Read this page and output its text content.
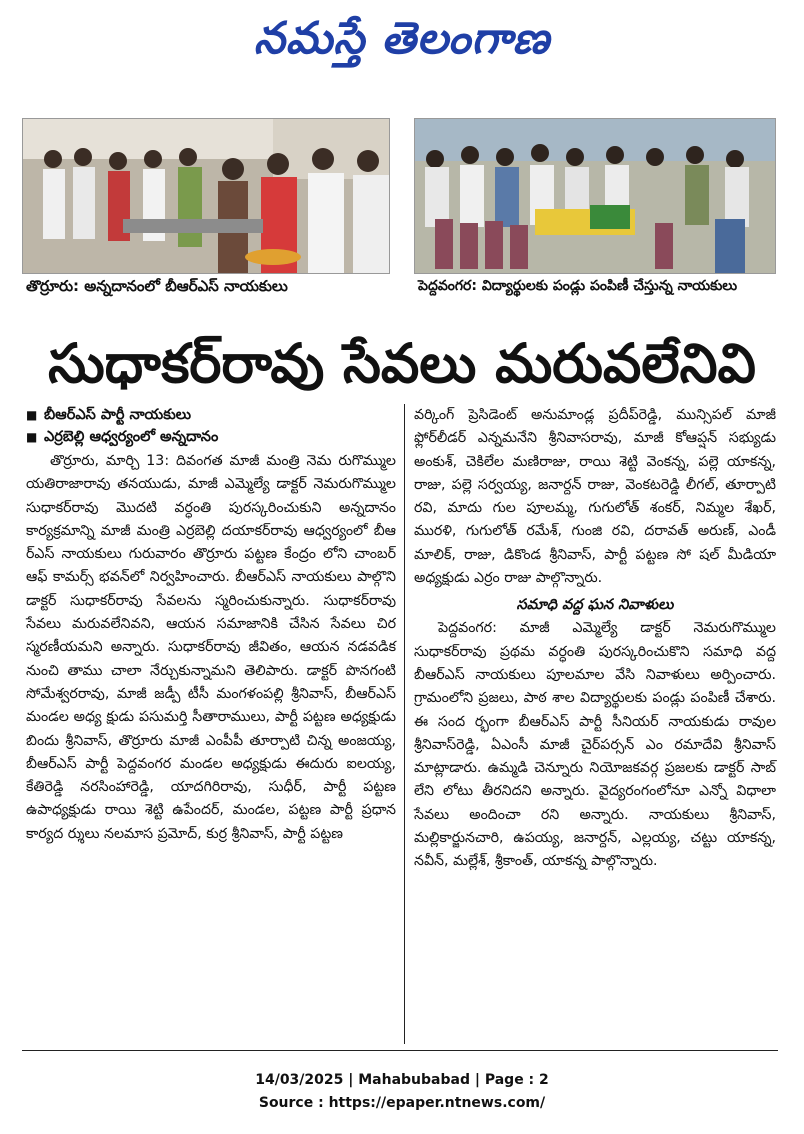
నమస్తే తెలంగాణ
తొర్రూరు: అన్నదానంలో బీఆర్‌ఎస్‌ నాయకులు	పెద్దవంగర: విద్యార్థులకు పండ్లు పంపిణీ చేస్తున్న నాయకులు
సుధాకర్‌రావు సేవలు మరువలేనివి
■ బీఆర్‌ఎస్‌ పార్టీ నాయకులు
■ ఎర్రబెల్లి ఆధ్వర్యంలో అన్నదానం

తొర్రూరు, మార్చి 13: దివంగత మాజీ మంత్రి నెమ రుగొమ్ముల యతిరాజారావు తనయుడు, మాజీ ఎమ్మెల్యే డాక్టర్‌ నెమరుగొమ్ముల సుధాకర్‌రావు మొదటి వర్ధంతి పురస్కరించుకుని అన్నదానం కార్యక్రమాన్ని మాజీ మంత్రి ఎర్రబెల్లి దయాకర్‌రావు ఆధ్వర్యంలో బీఆ ర్‌ఎస్‌ నాయకులు గురువారం తొర్రూరు పట్టణ కేంద్రం లోని చాంబర్‌ ఆఫ్‌ కామర్స్‌ భవన్‌లో నిర్వహించారు. బీఆర్‌ఎస్‌ నాయకులు పాల్గొని డాక్టర్‌ సుధాకర్‌రావు సేవలను స్మరించుకున్నారు. సుధాకర్‌రావు సేవలు మరువలేనివని, ఆయన సమాజానికి చేసిన సేవలు చిర స్మరణీయమని అన్నారు. సుధాకర్‌రావు జీవితం, ఆయన నడవడిక నుంచి తాము చాలా నేర్చుకున్నామని తెలిపారు. డాక్టర్‌ పొనగంటి సోమేశ్వరరావు, మాజీ జడ్పీ టీసీ మంగళంపల్లి శ్రీనివాస్‌, బీఆర్‌ఎస్‌ మండల అధ్య క్షుడు పసుమర్తి సీతారాములు, పార్టీ పట్టణ అధ్యక్షుడు బిందు శ్రీనివాస్‌, తొర్రూరు మాజీ ఎంపీపీ తూర్పాటి చిన్న అంజయ్య, బీఆర్‌ఎస్‌ పార్టీ పెద్దవంగర మండల అధ్యక్షుడు ఈదురు ఐలయ్య, కేతిరెడ్డి నరసింహారెడ్డి, యాదగిరిరావు, సుధీర్‌, పార్టీ పట్టణ ఉపాధ్యక్షుడు రాయి శెట్టి ఉపేందర్‌, మండల, పట్టణ పార్టీ ప్రధాన కార్యద ర్శులు నలమాస ప్రమోద్‌, కుర్ర శ్రీనివాస్‌, పార్టీ పట్టణ

వర్కింగ్‌ ప్రెసిడెంట్‌ అనుమాండ్ల ప్రదీప్‌రెడ్డి, మున్సిపల్‌ మాజీ ఫ్లోర్‌లీడర్‌ ఎన్నమనేని శ్రీనివాసరావు, మాజీ కోఆప్షన్‌ సభ్యుడు అంకుశ్‌, చెకిలేల మణిరాజు, రాయి శెట్టి వెంకన్న, పల్లె యాకన్న, రాజు, పల్లె సర్వయ్య, జనార్దన్‌ రాజు, వెంకటరెడ్డి లీగల్‌, తూర్పాటి రవి, మాదు గుల పూలమ్మ, గుగులోత్‌ శంకర్‌, నిమ్మల శేఖర్‌, మురళి, గుగులోత్‌ రమేశ్‌, గుంజి రవి, దరావత్‌ అరుణ్‌, ఎండీ మాలిక్‌, రాజు, డికొండ శ్రీనివాస్‌, పార్టీ పట్టణ సో షల్‌ మీడియా అధ్యక్షుడు ఎర్రం రాజు పాల్గొన్నారు.

సమాధి వద్ద ఘన నివాళులు

పెద్దవంగర: మాజీ ఎమ్మెల్యే డాక్టర్‌ నెమరుగొమ్ముల సుధాకర్‌రావు ప్రథమ వర్ధంతి పురస్కరించుకొని సమాధి వద్ద బీఆర్‌ఎస్‌ నాయకులు పూలమాల వేసి నివాళులు అర్పించారు. గ్రామంలోని ప్రజలు, పాఠ శాల విద్యార్థులకు పండ్లు పంపిణీ చేశారు. ఈ సంద ర్భంగా బీఆర్‌ఎస్‌ పార్టీ సీనియర్‌ నాయకుడు రావుల శ్రీనివాస్‌రెడ్డి, ఏఎంసీ మాజీ చైర్‌పర్సన్‌ ఎం రమాదేవి శ్రీనివాస్‌ మాట్లాడారు. ఉమ్మడి చెన్నూరు నియోజకవర్గ ప్రజలకు డాక్టర్‌ సాబ్‌ లేని లోటు తీరనిదని అన్నారు. వైద్యరంగంలోనూ ఎన్నో విధాలా సేవలు అందించా రని అన్నారు. నాయకులు శ్రీనివాస్‌, మల్లికార్జునచారి, ఉపయ్య, జనార్దన్‌, ఎల్లయ్య, చట్టు యాకన్న, నవీన్‌, మల్లేశ్‌, శ్రీకాంత్‌, యాకన్న పాల్గొన్నారు.

14/03/2025 | Mahabubabad | Page : 2
Source : https://epaper.ntnews.com/
